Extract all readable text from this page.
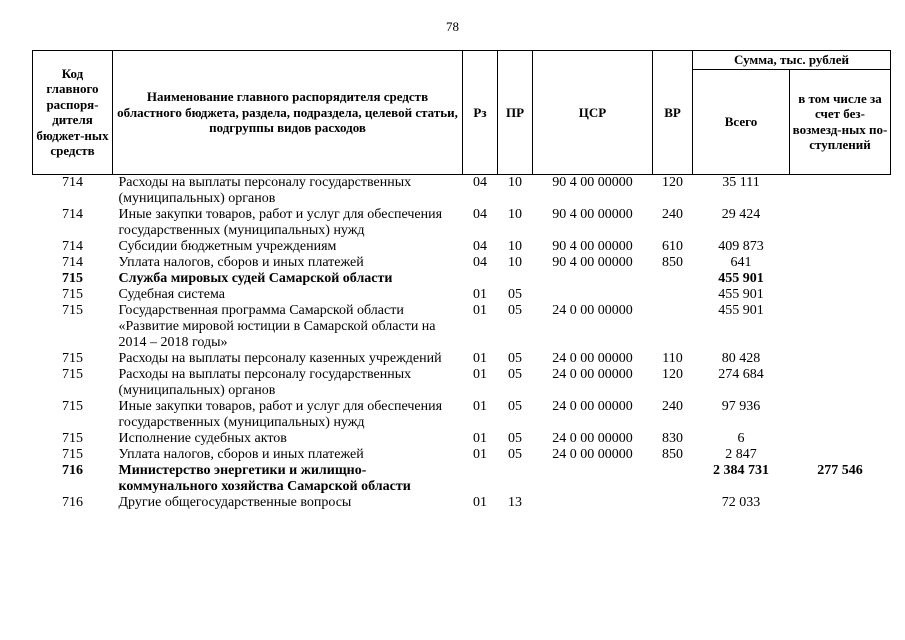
78
Код главного распоря-дителя бюджет-ных средств	Наименование главного распорядителя средств областного бюджета, раздела, подраздела, целевой статьи, подгруппы видов расходов	Рз	ПР	ЦСР	ВР	Сумма, тыс. рублей	
						Всего	в том числе за счет без-возмезд-ных по-ступлений
714	Расходы на выплаты персоналу государственных (муниципальных) органов	04	10	90 4 00 00000	120	35 111	
714	Иные закупки товаров, работ и услуг для обеспечения государственных (муниципальных) нужд	04	10	90 4 00 00000	240	29 424	
714	Субсидии бюджетным учреждениям	04	10	90 4 00 00000	610	409 873	
714	Уплата налогов, сборов и иных платежей	04	10	90 4 00 00000	850	641	
715	Служба мировых судей Самарской области					455 901	
715	Судебная система	01	05			455 901	
715	Государственная программа Самарской области «Развитие мировой юстиции в Самарской области на 2014 – 2018 годы»	01	05	24 0 00 00000		455 901	
715	Расходы на выплаты персоналу казенных учреждений	01	05	24 0 00 00000	110	80 428	
715	Расходы на выплаты персоналу государственных (муниципальных) органов	01	05	24 0 00 00000	120	274 684	
715	Иные закупки товаров, работ и услуг для обеспечения государственных (муниципальных) нужд	01	05	24 0 00 00000	240	97 936	
715	Исполнение судебных актов	01	05	24 0 00 00000	830	6	
715	Уплата налогов, сборов и иных платежей	01	05	24 0 00 00000	850	2 847	
716	Министерство энергетики и жилищно-коммунального хозяйства Самарской области					2 384 731	277 546
716	Другие общегосударственные вопросы	01	13			72 033	
